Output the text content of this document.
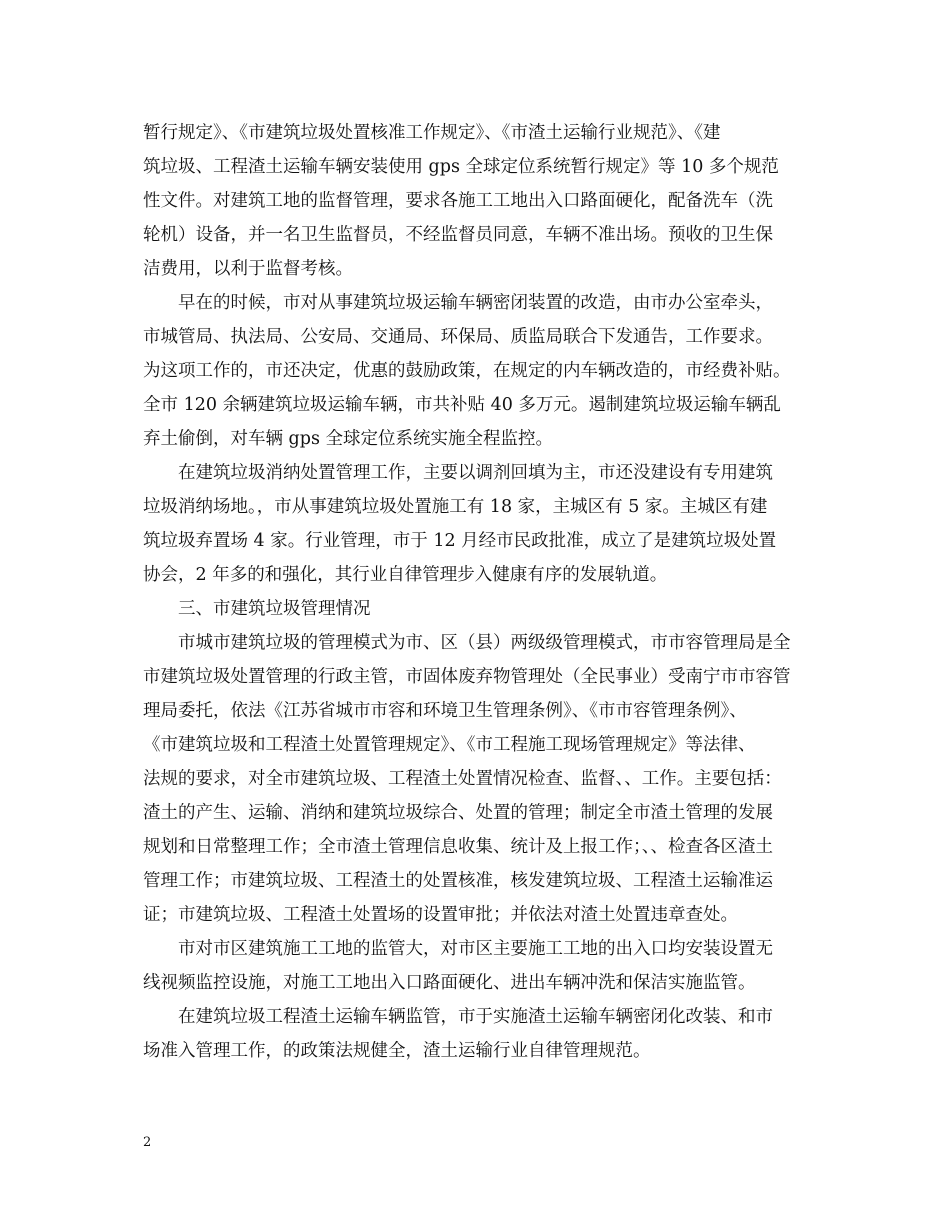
暂行规定》、《市建筑垃圾处置核准工作规定》、《市渣土运输行业规范》、《建
筑垃圾、工程渣土运输车辆安装使用 gps 全球定位系统暂行规定》等 10 多个规范
性文件。对建筑工地的监督管理，要求各施工工地出入口路面硬化，配备洗车（洗
轮机）设备，并一名卫生监督员，不经监督员同意，车辆不准出场。预收的卫生保
洁费用，以利于监督考核。
早在的时候，市对从事建筑垃圾运输车辆密闭装置的改造，由市办公室牵头，
市城管局、执法局、公安局、交通局、环保局、质监局联合下发通告，工作要求。
为这项工作的，市还决定，优惠的鼓励政策，在规定的内车辆改造的，市经费补贴。
全市 120 余辆建筑垃圾运输车辆，市共补贴 40 多万元。遏制建筑垃圾运输车辆乱
弃土偷倒，对车辆 gps 全球定位系统实施全程监控。
在建筑垃圾消纳处置管理工作，主要以调剂回填为主，市还没建设有专用建筑
垃圾消纳场地。，市从事建筑垃圾处置施工有 18 家，主城区有 5 家。主城区有建
筑垃圾弃置场 4 家。行业管理，市于 12 月经市民政批准，成立了是建筑垃圾处置
协会，2 年多的和强化，其行业自律管理步入健康有序的发展轨道。
三、市建筑垃圾管理情况
市城市建筑垃圾的管理模式为市、区（县）两级级管理模式，市市容管理局是全
市建筑垃圾处置管理的行政主管，市固体废弃物管理处（全民事业）受南宁市市容管
理局委托，依法《江苏省城市市容和环境卫生管理条例》、《市市容管理条例》、
《市建筑垃圾和工程渣土处置管理规定》、《市工程施工现场管理规定》等法律、
法规的要求，对全市建筑垃圾、工程渣土处置情况检查、监督、、工作。主要包括：
渣土的产生、运输、消纳和建筑垃圾综合、处置的管理；制定全市渣土管理的发展
规划和日常整理工作；全市渣土管理信息收集、统计及上报工作；、、检查各区渣土
管理工作；市建筑垃圾、工程渣土的处置核准，核发建筑垃圾、工程渣土运输准运
证；市建筑垃圾、工程渣土处置场的设置审批；并依法对渣土处置违章查处。
市对市区建筑施工工地的监管大，对市区主要施工工地的出入口均安装设置无
线视频监控设施，对施工工地出入口路面硬化、进出车辆冲洗和保洁实施监管。
在建筑垃圾工程渣土运输车辆监管，市于实施渣土运输车辆密闭化改装、和市
场准入管理工作，的政策法规健全，渣土运输行业自律管理规范。
2
